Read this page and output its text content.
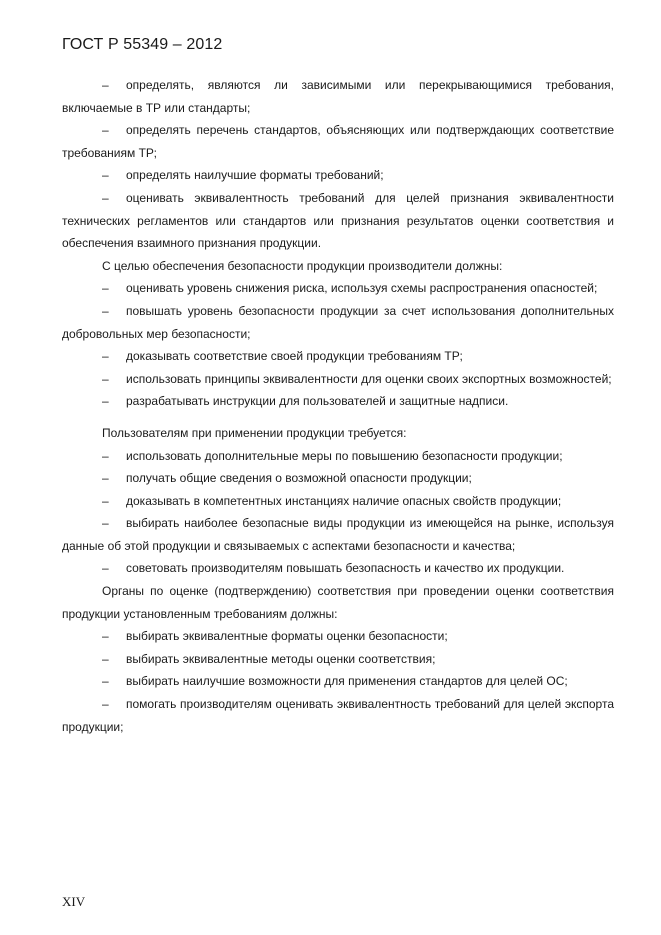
ГОСТ Р 55349 – 2012

– определять, являются ли зависимыми или перекрывающимися требования, включаемые в ТР или стандарты;

– определять перечень стандартов, объясняющих или подтверждающих соответствие требованиям ТР;

– определять наилучшие форматы требований;

– оценивать эквивалентность требований для целей признания эквивалентности технических регламентов или стандартов или признания результатов оценки соответствия и обеспечения взаимного признания продукции.

С целью обеспечения безопасности продукции производители должны:

– оценивать уровень снижения риска, используя схемы распространения опасностей;

– повышать уровень безопасности продукции за счет использования дополнительных добровольных мер безопасности;

– доказывать соответствие своей продукции требованиям ТР;

– использовать принципы эквивалентности для оценки своих экспортных возможностей;

– разрабатывать инструкции для пользователей и защитные надписи.

Пользователям при применении продукции требуется:

– использовать дополнительные меры по повышению безопасности продукции;

– получать общие сведения о возможной опасности продукции;

– доказывать в компетентных инстанциях наличие опасных свойств продукции;

– выбирать наиболее безопасные виды продукции из имеющейся на рынке, используя данные об этой продукции и связываемых с аспектами безопасности и качества;

– советовать производителям повышать безопасность и качество их продукции.

Органы по оценке (подтверждению) соответствия при проведении оценки соответствия продукции установленным требованиям должны:

– выбирать эквивалентные форматы оценки безопасности;

– выбирать эквивалентные методы оценки соответствия;

– выбирать наилучшие возможности для применения стандартов для целей ОС;

– помогать производителям оценивать эквивалентность требований для целей экспорта продукции;

XIV
